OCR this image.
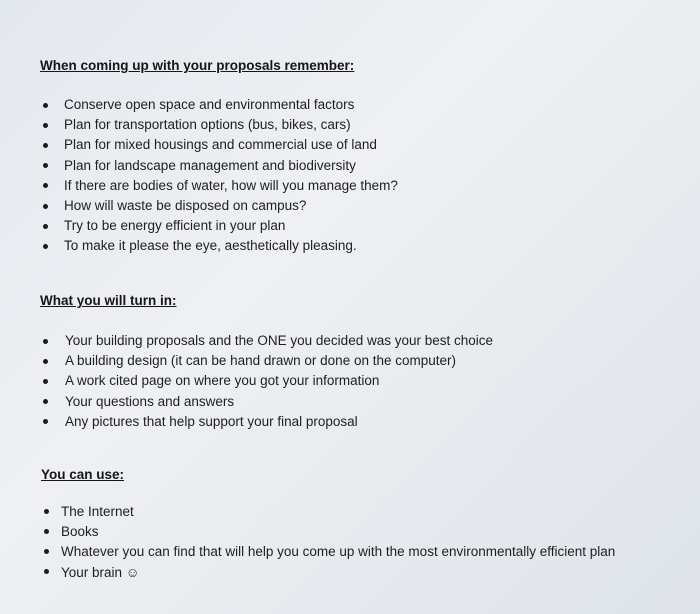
When coming up with your proposals remember:

Conserve open space and environmental factors
Plan for transportation options (bus, bikes, cars)
Plan for mixed housings and commercial use of land
Plan for landscape management and biodiversity
If there are bodies of water, how will you manage them?
How will waste be disposed on campus?
Try to be energy efficient in your plan
To make it please the eye, aesthetically pleasing.

What you will turn in:

Your building proposals and the ONE you decided was your best choice
A building design (it can be hand drawn or done on the computer)
A work cited page on where you got your information
Your questions and answers
Any pictures that help support your final proposal

You can use:

The Internet
Books
Whatever you can find that will help you come up with the most environmentally efficient plan
Your brain ☺
